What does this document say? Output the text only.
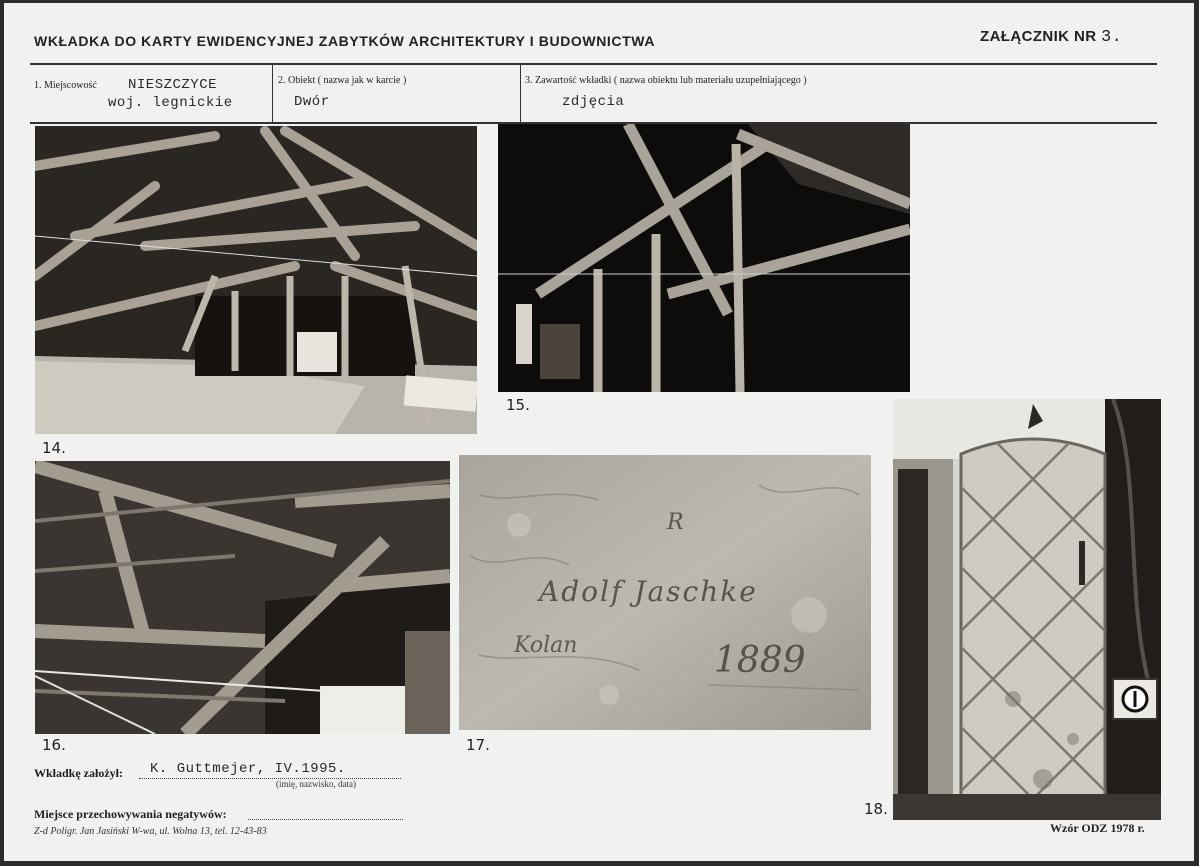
WKŁADKA DO KARTY EWIDENCYJNEJ ZABYTKÓW ARCHITEKTURY I BUDOWNICTWA	ZAŁĄCZNIK NR 3.
1. Miejscowość NIESZCZYCE
woj. legnickie
2. Obiekt ( nazwa jak w karcie )
Dwór
3. Zawartość wkładki ( nazwa obiektu lub materiału uzupełniającego )
zdjęcia
14.
15.
16.
R
Adolf Jaschke
Kolan	1889
17.
18.
Wkładkę założył: K. Guttmejer, IV.1995.
(imię, nazwisko, data)
Miejsce przechowywania negatywów:
Z-d Poligr. Jan Jasiński W-wa, ul. Wolna 13, tel. 12-43-83	Wzór ODZ 1978 r.
